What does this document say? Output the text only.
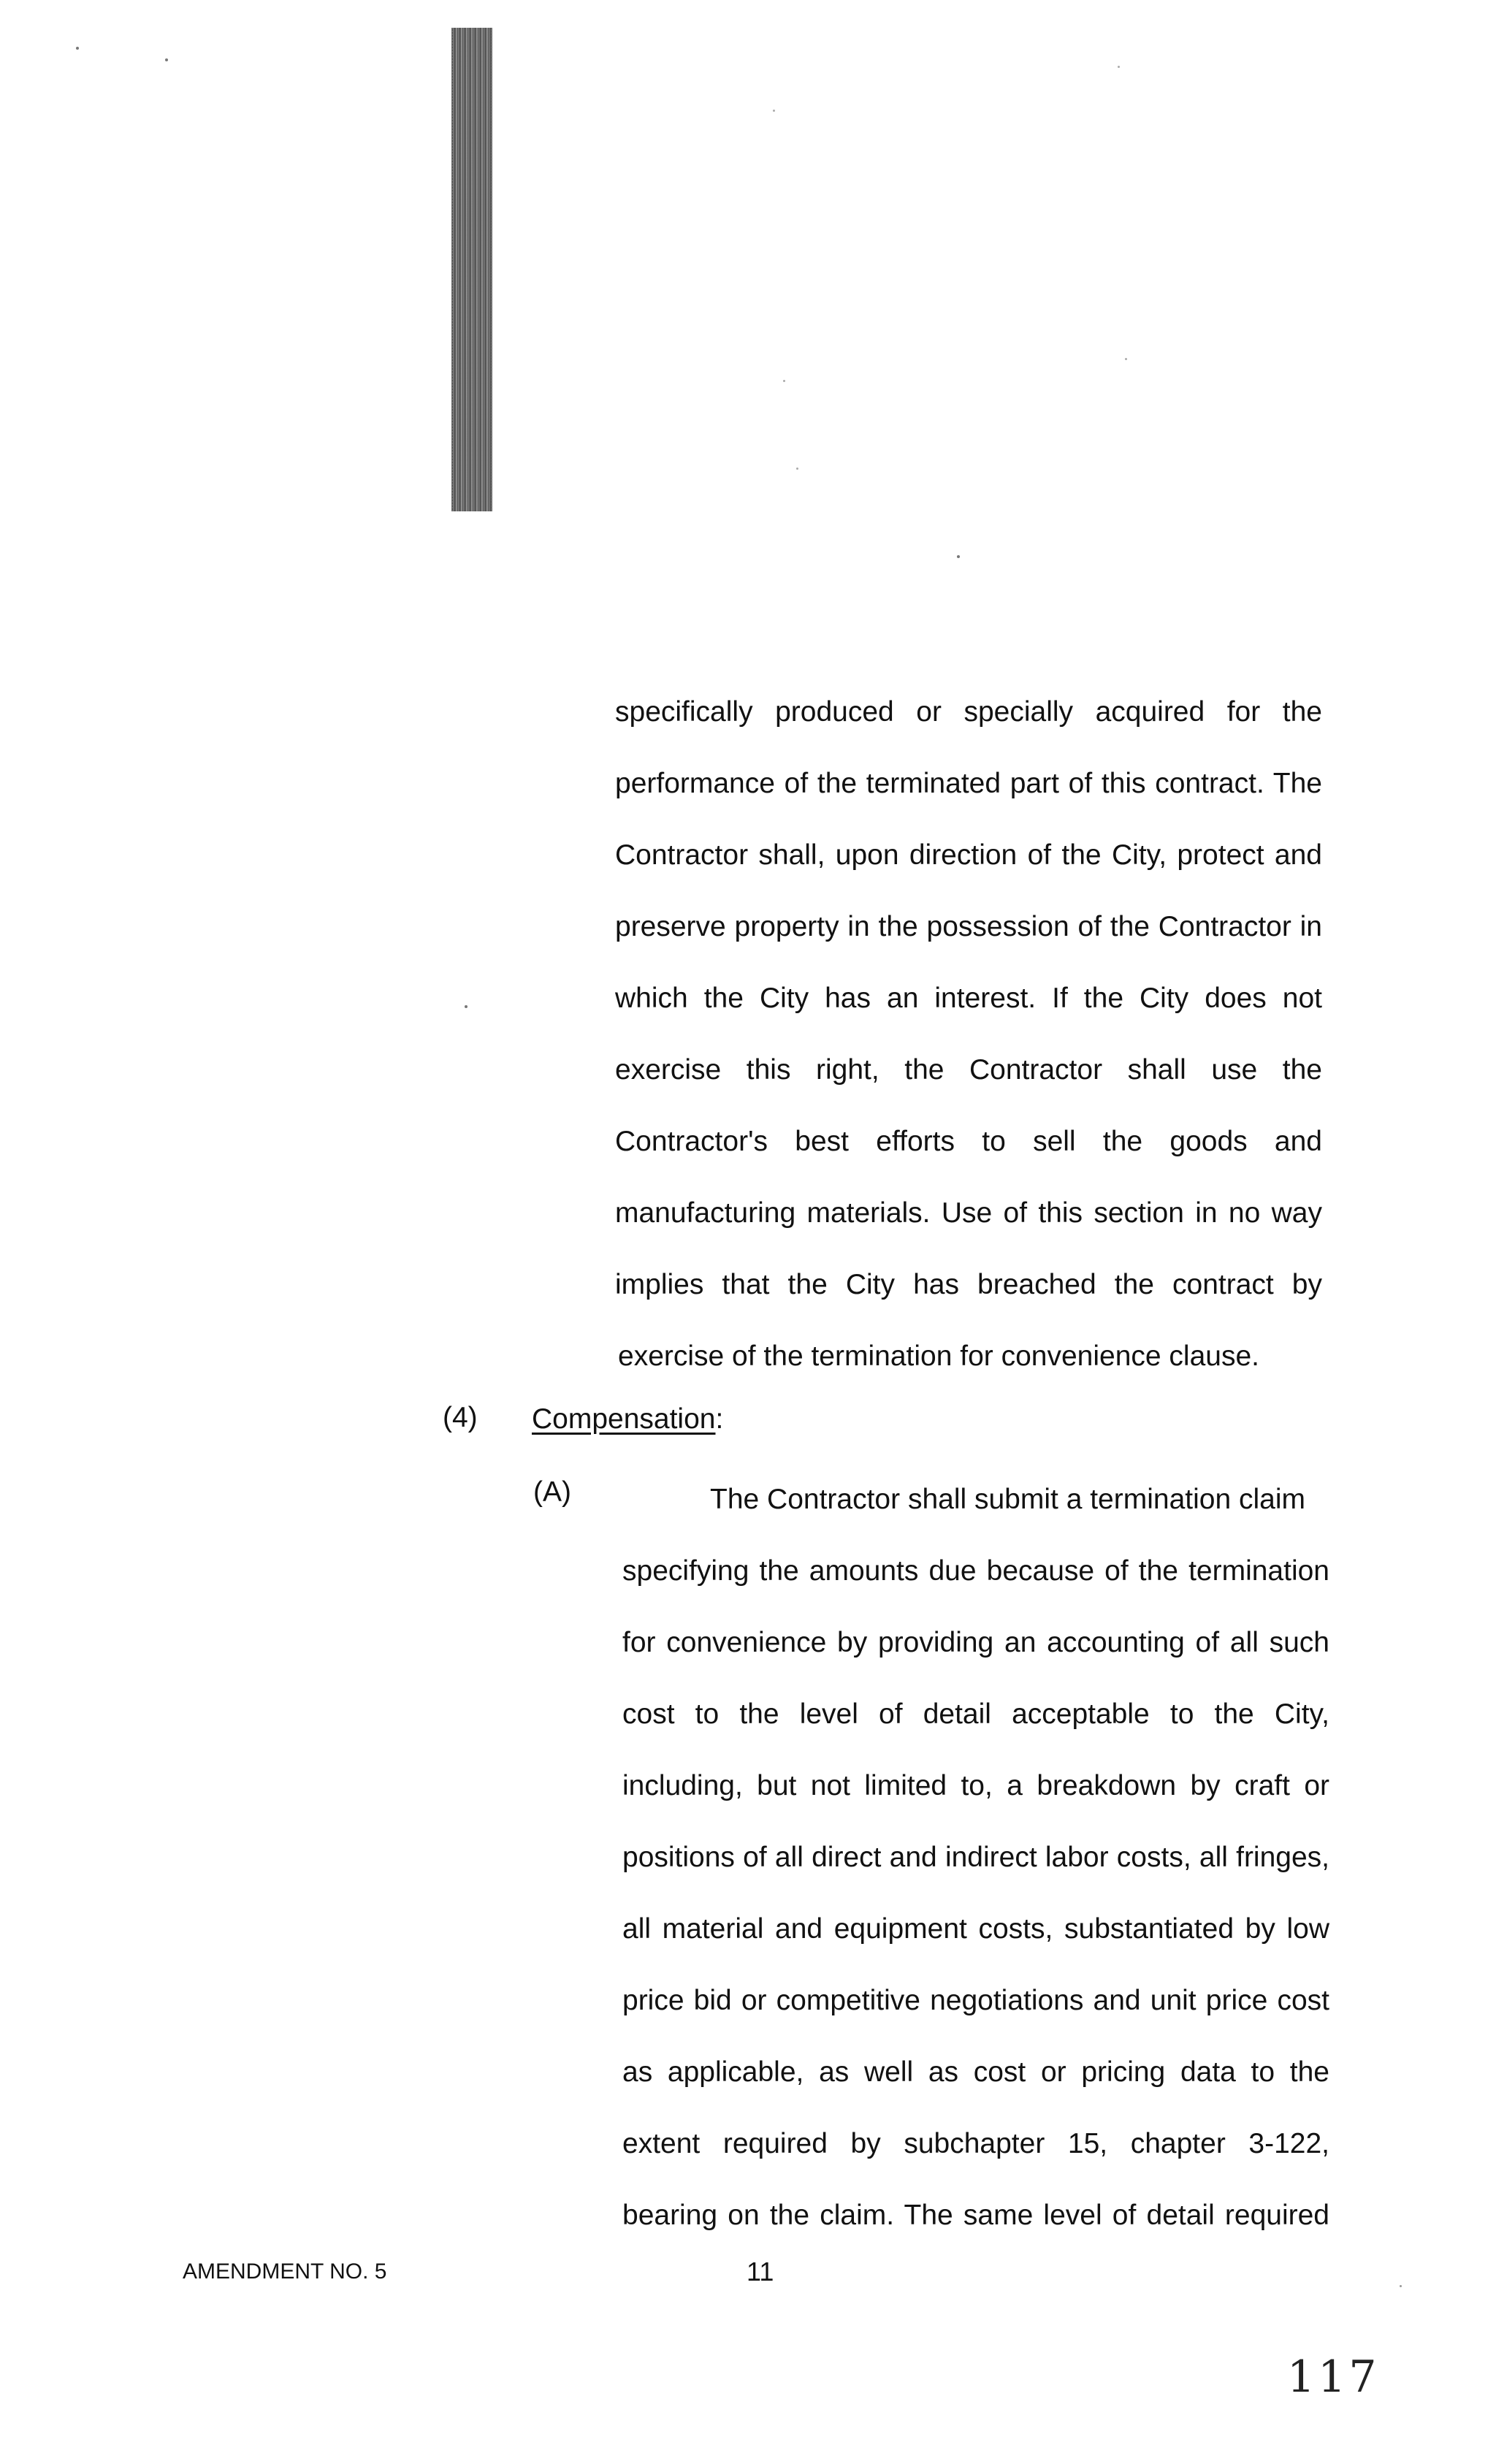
specifically produced or specially acquired for the
performance of the terminated part of this contract. The
Contractor shall, upon direction of the City, protect and
preserve property in the possession of the Contractor in
which the City has an interest. If the City does not
exercise this right, the Contractor shall use the
Contractor's best efforts to sell the goods and
manufacturing materials. Use of this section in no way
implies that the City has breached the contract by
exercise of the termination for convenience clause.
(4) Compensation:
(A)	The Contractor shall submit a termination claim
specifying the amounts due because of the termination
for convenience by providing an accounting of all such
cost to the level of detail acceptable to the City,
including, but not limited to, a breakdown by craft or
positions of all direct and indirect labor costs, all fringes,
all material and equipment costs, substantiated by low
price bid or competitive negotiations and unit price cost
as applicable, as well as cost or pricing data to the
extent required by subchapter 15, chapter 3-122,
bearing on the claim. The same level of detail required
AMENDMENT NO. 5	11
117
